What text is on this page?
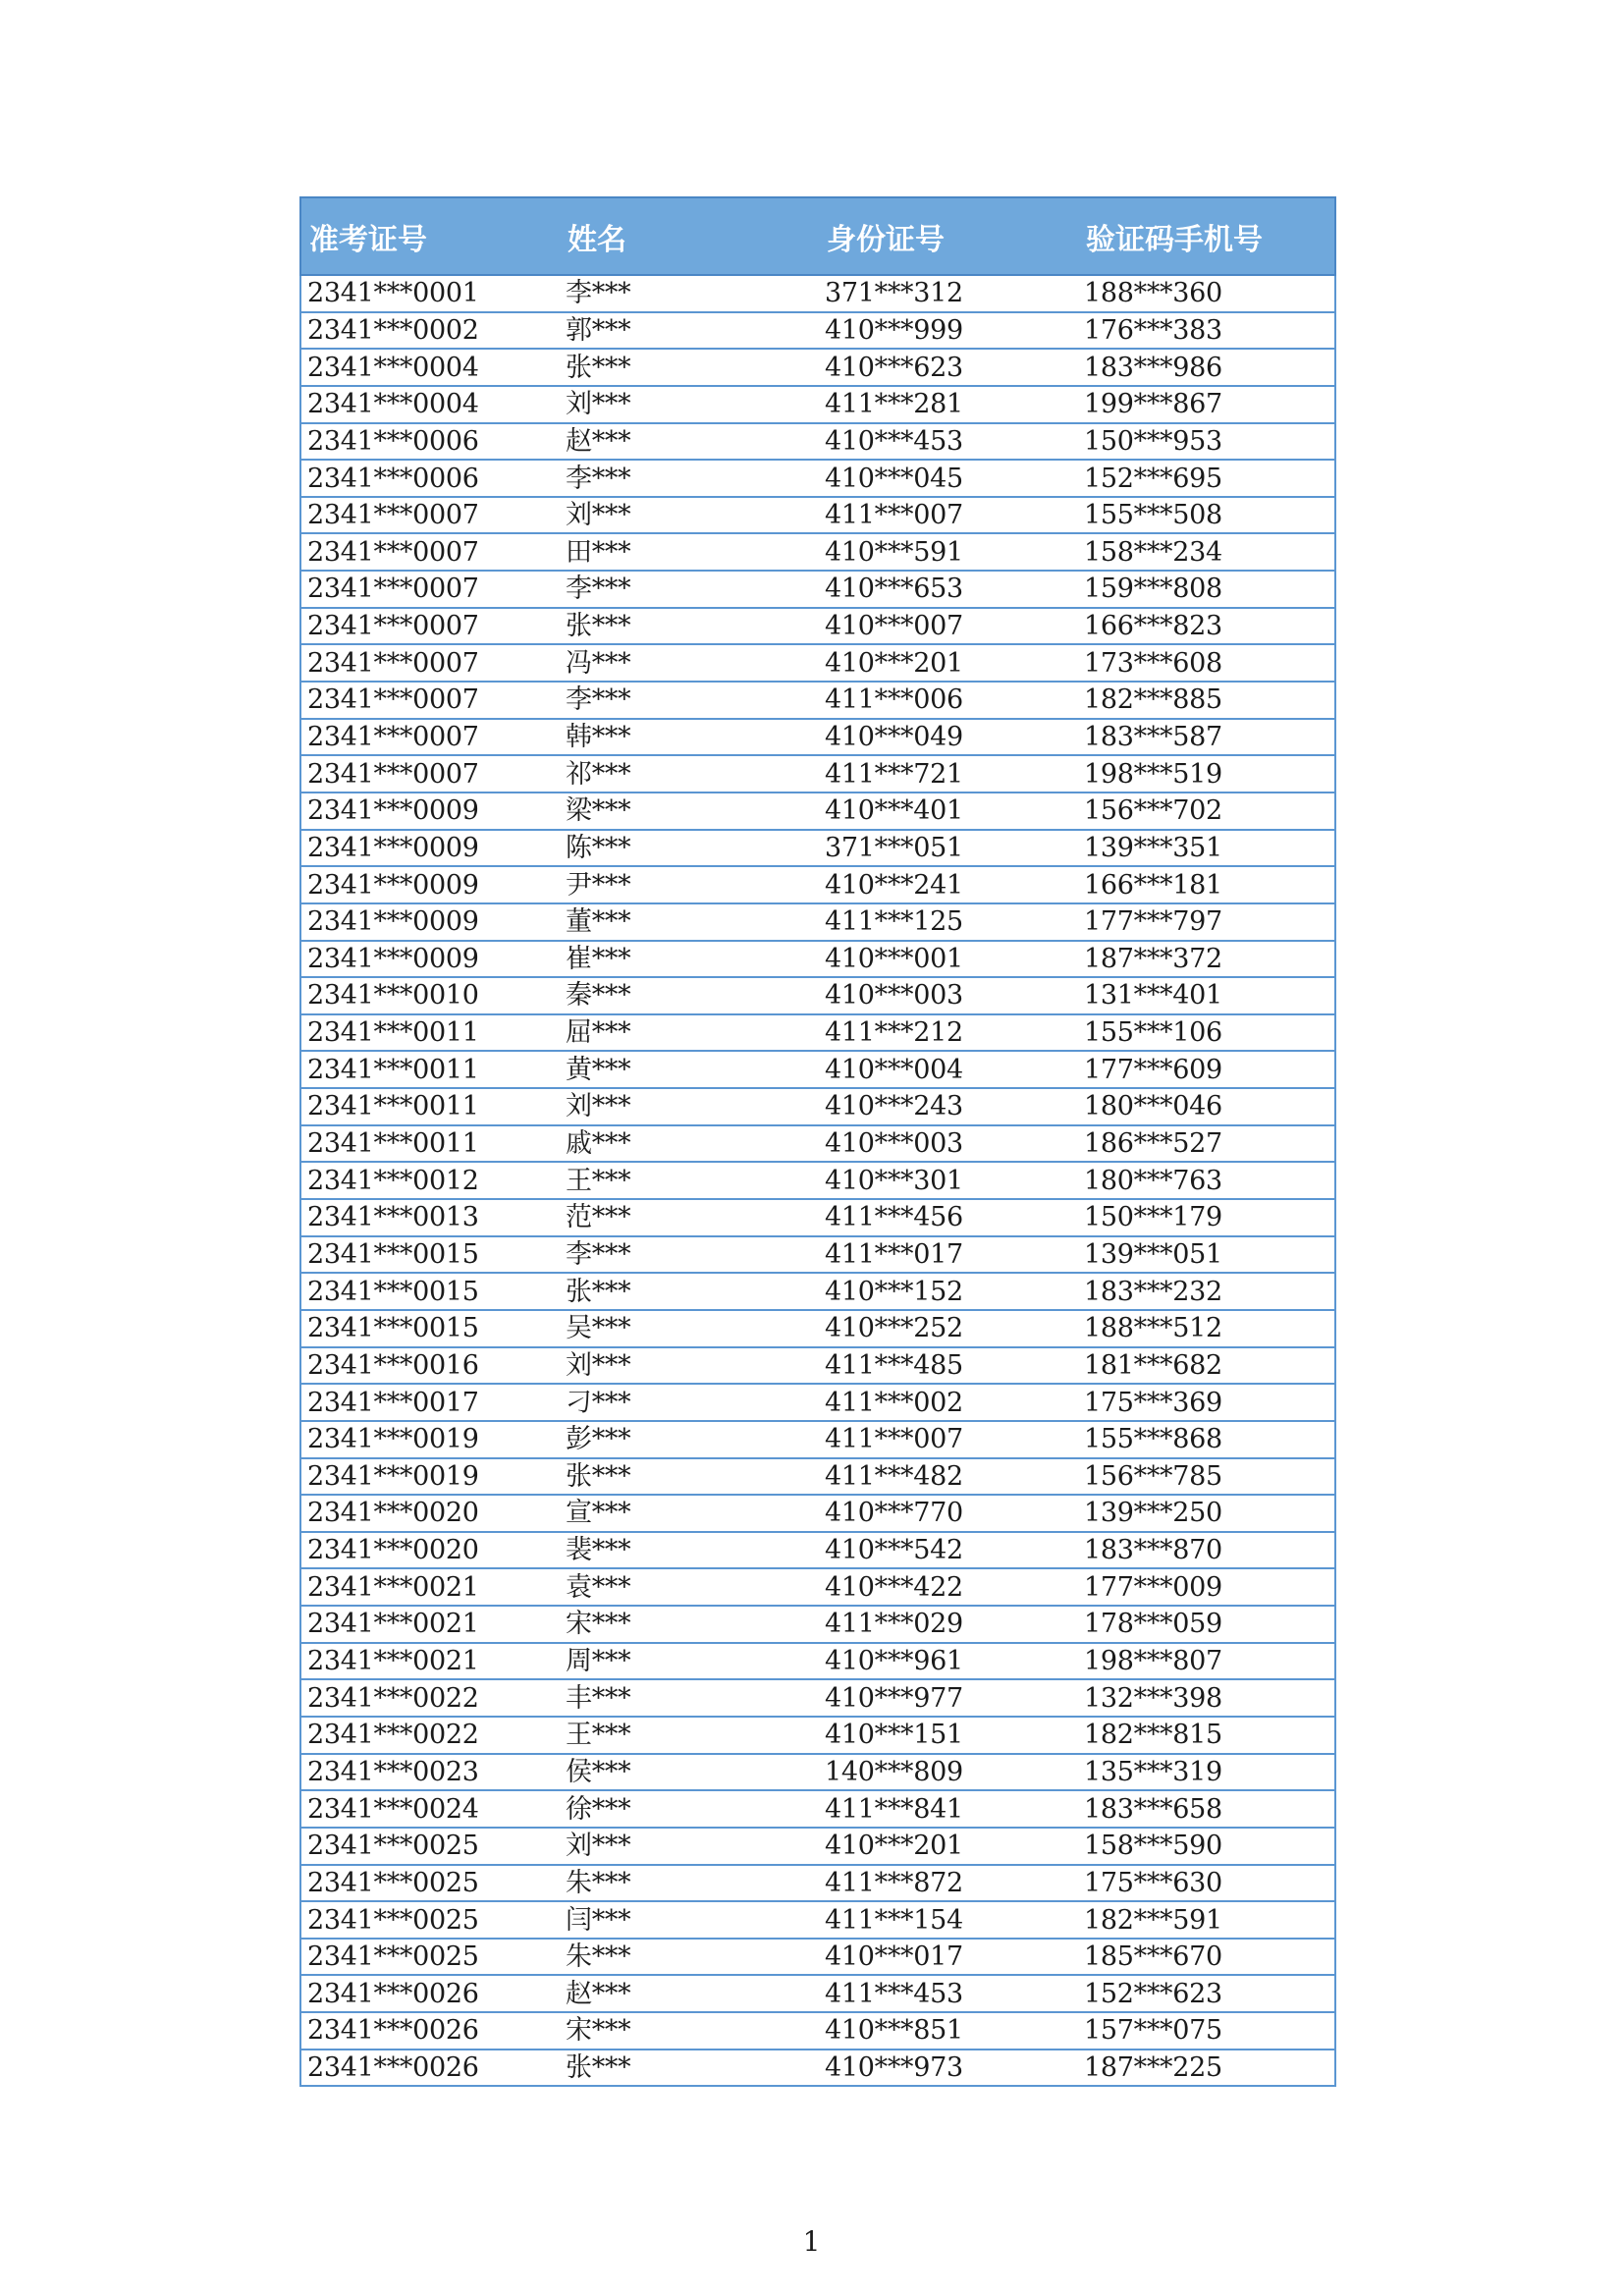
准考证号	姓名	身份证号	验证码手机号
2341***0001	李***	371***312	188***360
2341***0002	郭***	410***999	176***383
2341***0004	张***	410***623	183***986
2341***0004	刘***	411***281	199***867
2341***0006	赵***	410***453	150***953
2341***0006	李***	410***045	152***695
2341***0007	刘***	411***007	155***508
2341***0007	田***	410***591	158***234
2341***0007	李***	410***653	159***808
2341***0007	张***	410***007	166***823
2341***0007	冯***	410***201	173***608
2341***0007	李***	411***006	182***885
2341***0007	韩***	410***049	183***587
2341***0007	祁***	411***721	198***519
2341***0009	梁***	410***401	156***702
2341***0009	陈***	371***051	139***351
2341***0009	尹***	410***241	166***181
2341***0009	董***	411***125	177***797
2341***0009	崔***	410***001	187***372
2341***0010	秦***	410***003	131***401
2341***0011	屈***	411***212	155***106
2341***0011	黄***	410***004	177***609
2341***0011	刘***	410***243	180***046
2341***0011	戚***	410***003	186***527
2341***0012	王***	410***301	180***763
2341***0013	范***	411***456	150***179
2341***0015	李***	411***017	139***051
2341***0015	张***	410***152	183***232
2341***0015	吴***	410***252	188***512
2341***0016	刘***	411***485	181***682
2341***0017	刁***	411***002	175***369
2341***0019	彭***	411***007	155***868
2341***0019	张***	411***482	156***785
2341***0020	宣***	410***770	139***250
2341***0020	裴***	410***542	183***870
2341***0021	袁***	410***422	177***009
2341***0021	宋***	411***029	178***059
2341***0021	周***	410***961	198***807
2341***0022	丰***	410***977	132***398
2341***0022	王***	410***151	182***815
2341***0023	侯***	140***809	135***319
2341***0024	徐***	411***841	183***658
2341***0025	刘***	410***201	158***590
2341***0025	朱***	411***872	175***630
2341***0025	闫***	411***154	182***591
2341***0025	朱***	410***017	185***670
2341***0026	赵***	411***453	152***623
2341***0026	宋***	410***851	157***075
2341***0026	张***	410***973	187***225
1
